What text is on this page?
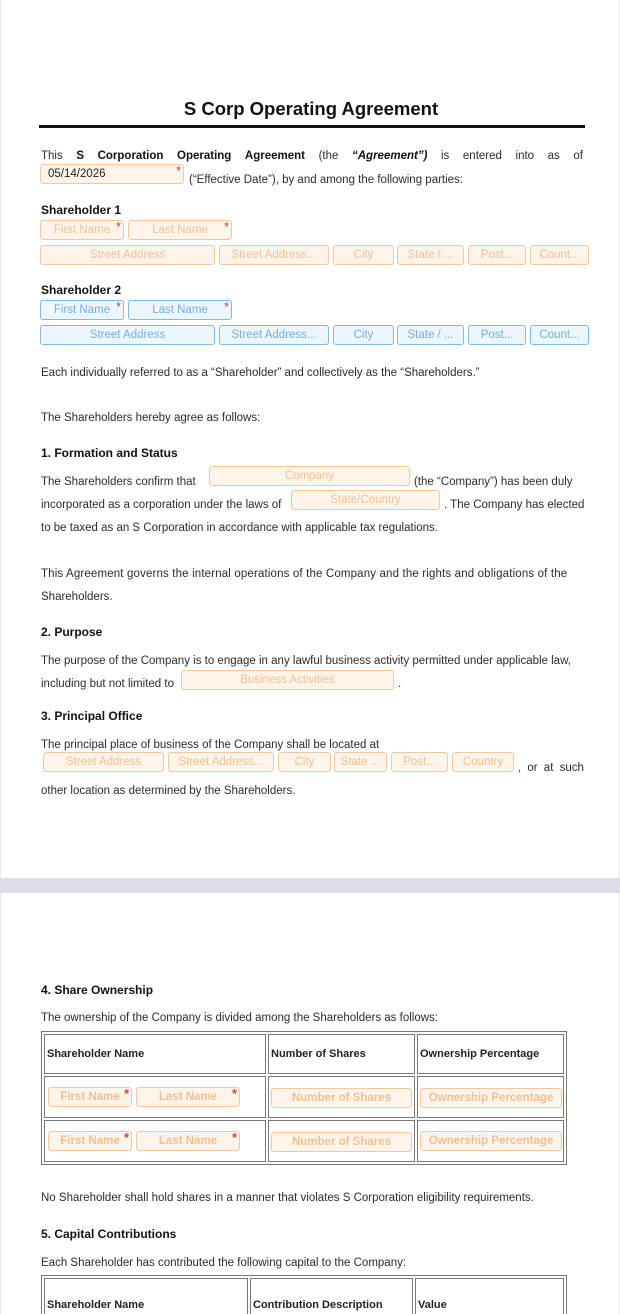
S Corp Operating Agreement
This S Corporation Operating Agreement (the “Agreement”) is entered into as of
05/14/2026	*
(“Effective Date”), by and among the following parties:
Shareholder 1
First Name *	Last Name *
Street Address	Street Address...	City	State / ... Post... Count...
Shareholder 2
First Name *	Last Name *
Street Address	Street Address...	City	State / ... Post... Count...
Each individually referred to as a “Shareholder” and collectively as the “Shareholders.”
The Shareholders hereby agree as follows:
1. Formation and Status
The Shareholders confirm that	Company	(the “Company”) has been duly
incorporated as a corporation under the laws of	State/Country	. The Company has elected
to be taxed as an S Corporation in accordance with applicable tax regulations.
This Agreement governs the internal operations of the Company and the rights and obligations of the
Shareholders.
2. Purpose
The purpose of the Company is to engage in any lawful business activity permitted under applicable law,
including but not limited to	Business Activities	.
3. Principal Office
The principal place of business of the Company shall be located at
Street Address	Street Address...	City State ... Post... Country , or at such
other location as determined by the Shareholders.
4. Share Ownership
The ownership of the Company is divided among the Shareholders as follows:
Shareholder Name	Number of Shares	Ownership Percentage

First Name * Last Name *	Number of Shares	Ownership Percentage

First Name * Last Name *	Number of Shares	Ownership Percentage
No Shareholder shall hold shares in a manner that violates S Corporation eligibility requirements.
5. Capital Contributions
Each Shareholder has contributed the following capital to the Company:
Shareholder Name	Contribution Description	Value
